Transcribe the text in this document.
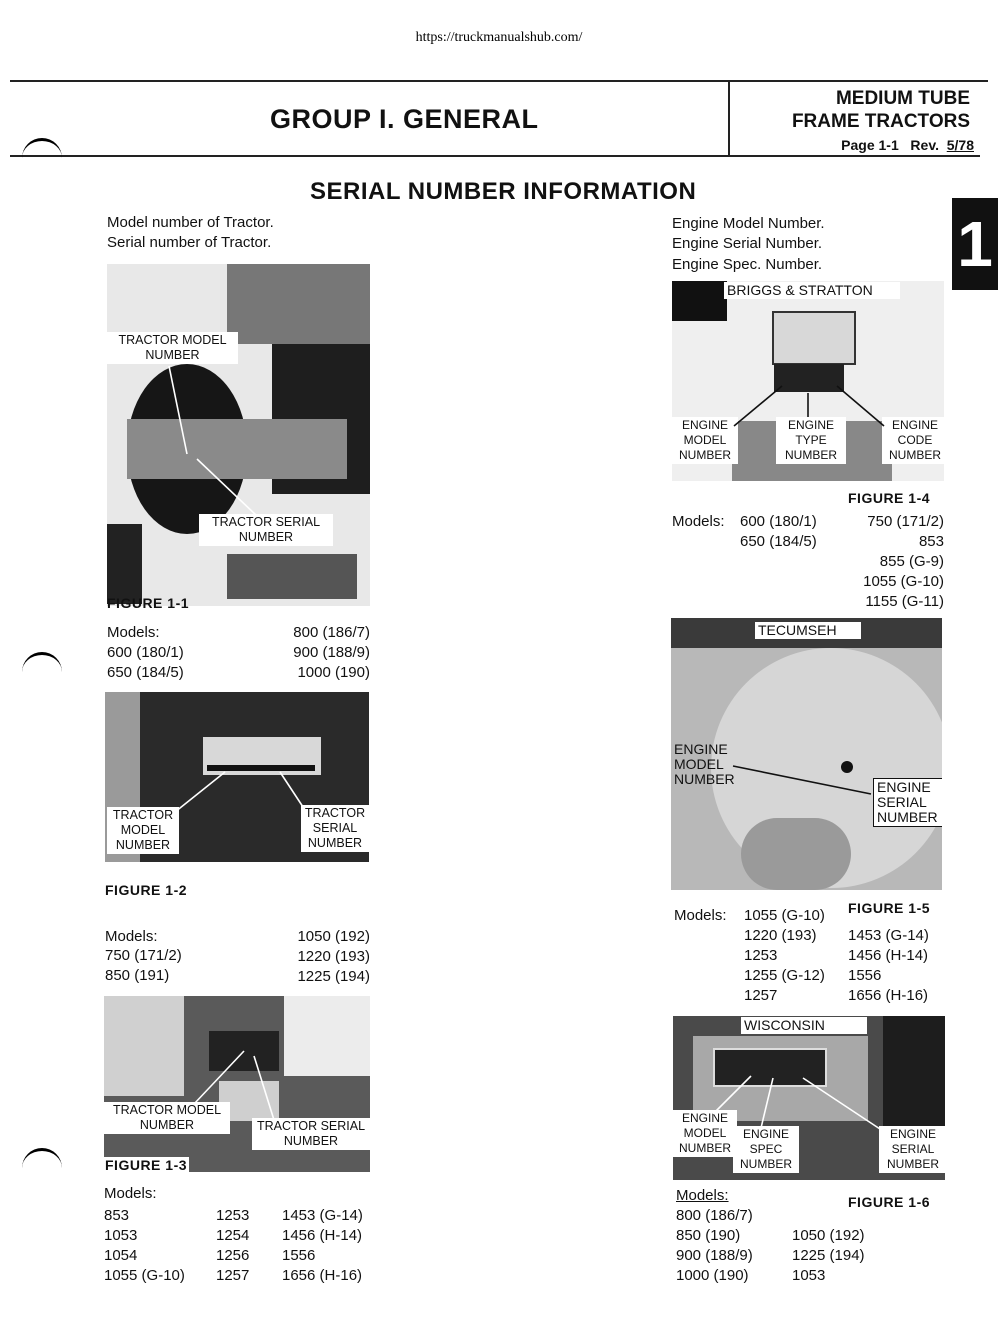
https://truckmanualshub.com/
GROUP I. GENERAL
MEDIUM TUBE
FRAME TRACTORS
Page 1-1 Rev. 5/78
1
SERIAL NUMBER INFORMATION
Model number of Tractor.
Serial number of Tractor.
TRACTOR MODEL
NUMBER
TRACTOR SERIAL
NUMBER
FIGURE 1-1
Models:
600 (180/1)
650 (184/5)
800 (186/7)
900 (188/9)
1000 (190)
TRACTOR
MODEL
NUMBER
TRACTOR
SERIAL
NUMBER
FIGURE 1-2
Models:
750 (171/2)
850 (191)
1050 (192)
1220 (193)
1225 (194)
TRACTOR MODEL
NUMBER	TRACTOR SERIAL
NUMBER
FIGURE 1-3
Models:
853
1053
1054
1055 (G-10)
1253
1254
1256
1257
1453 (G-14)
1456 (H-14)
1556
1656 (H-16)
Engine Model Number.
Engine Serial Number.
Engine Spec. Number.
BRIGGS & STRATTON
ENGINE
MODEL
NUMBER
ENGINE
TYPE
NUMBER
ENGINE
CODE
NUMBER
FIGURE 1-4
Models: 600 (180/1)
650 (184/5)
750 (171/2)
853
855 (G-9)
1055 (G-10)
1155 (G-11)
TECUMSEH
ENGINE
MODEL
NUMBER	ENGINE
SERIAL
NUMBER
FIGURE 1-5
Models: 1055 (G-10)
1220 (193)
1253
1255 (G-12)
1257
1453 (G-14)
1456 (H-14)
1556
1656 (H-16)
WISCONSIN
ENGINE
MODEL
NUMBER
ENGINE
SPEC
NUMBER
ENGINE
SERIAL
NUMBER
FIGURE 1-6
Models:
800 (186/7)
850 (190)
900 (188/9)
1000 (190)
1050 (192)
1225 (194)
1053
